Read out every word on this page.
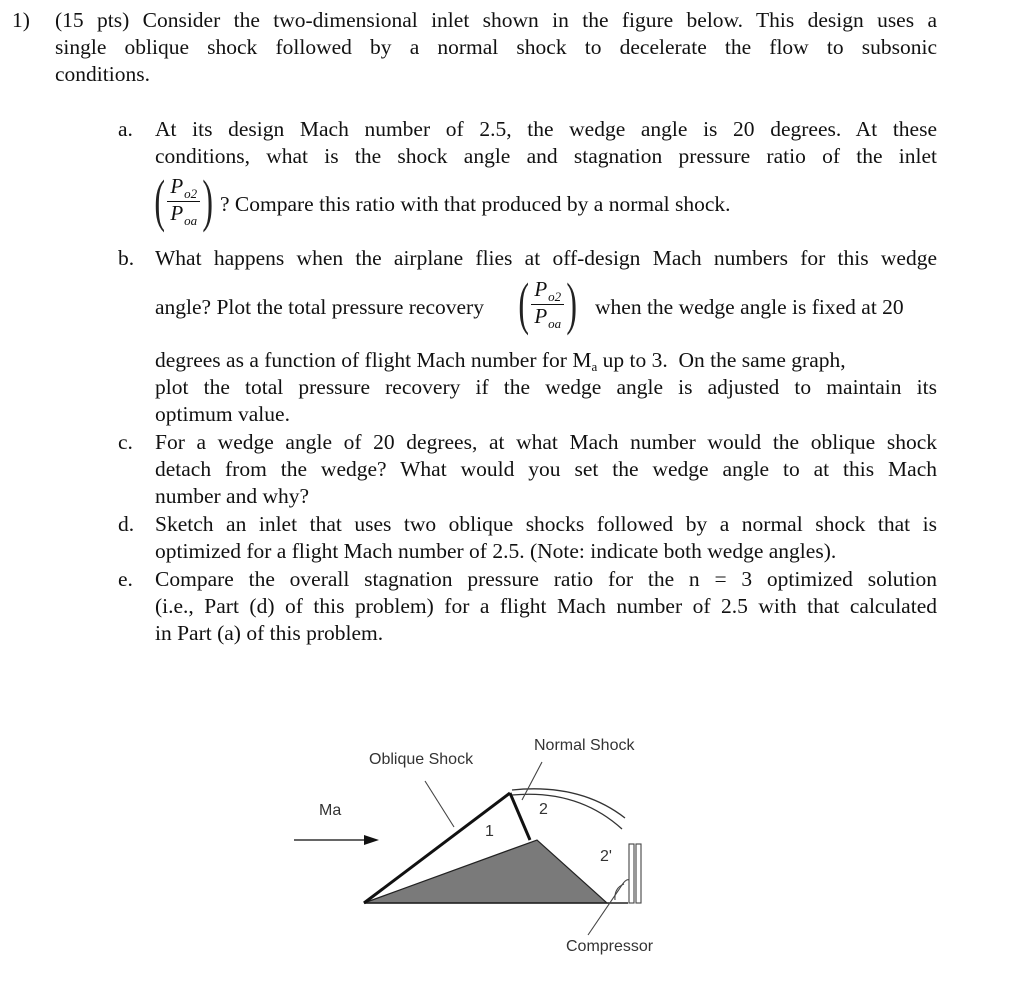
1) (15 pts) Consider the two-dimensional inlet shown in the figure below. This design uses a
single oblique shock followed by a normal shock to decelerate the flow to subsonic
conditions.
a. At its design Mach number of 2.5, the wedge angle is 20 degrees. At these
conditions, what is the shock angle and stagnation pressure ratio of the inlet
( $\frac{P_{o2}}{P_{oa}}$ ) ? Compare this ratio with that produced by a normal shock.
b. What happens when the airplane flies at off-design Mach numbers for this wedge
angle? Plot the total pressure recovery ( $\frac{P_{o2}}{P_{oa}}$ ) when the wedge angle is fixed at 20
degrees as a function of flight Mach number for Ma up to 3.  On the same graph,
plot the total pressure recovery if the wedge angle is adjusted to maintain its
optimum value.
c. For a wedge angle of 20 degrees, at what Mach number would the oblique shock
detach from the wedge? What would you set the wedge angle to at this Mach
number and why?
d. Sketch an inlet that uses two oblique shocks followed by a normal shock that is
optimized for a flight Mach number of 2.5. (Note: indicate both wedge angles).
e. Compare the overall stagnation pressure ratio for the n = 3 optimized solution
(i.e., Part (d) of this problem) for a flight Mach number of 2.5 with that calculated
in Part (a) of this problem.
Oblique Shock
Normal Shock
Ma
1
2
2'
Compressor
